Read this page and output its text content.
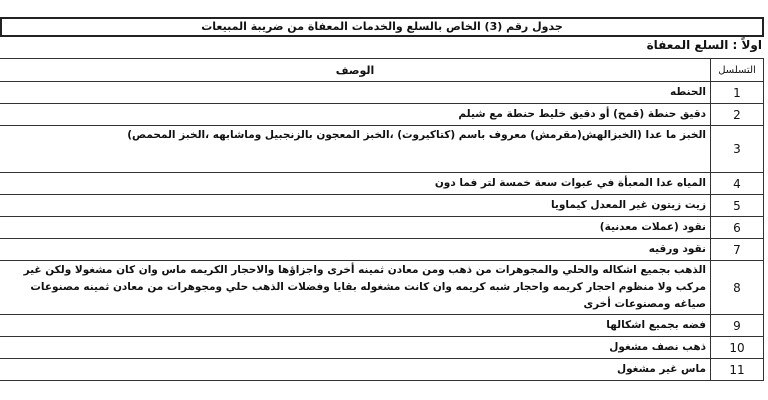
جدول رقم (3) الخاص بالسلع والخدمات المعفاة من ضريبة المبيعات
اولاً : السلع المعفاة
التسلسل	الوصف
1	الحنطه
2	دقيق حنطة (قمح) أو دقيق خليط حنطة مع شيلم
3	الخبز ما عدا (الخبزالهش(مقرمش) معروف باسم (كتاكيروت) ،الخبز المعجون بالزنجبيل وماشابهه ،الخبز المحمص)
4	المياه عدا المعبأة في عبوات سعة خمسة لتر فما دون
5	زيت زيتون غير المعدل كيماويا
6	نقود (عملات معدنية)
7	نقود ورقيه
8	الذهب بجميع اشكاله والحلي والمجوهرات من ذهب ومن معادن ثمينه أخرى واجزاؤها والاحجار الكريمه ماس وان كان مشغولا ولكن غير
مركب ولا منظوم احجار كريمه واحجار شبه كريمه وان كانت مشغوله بقايا وفضلات الذهب حلي ومجوهرات من معادن ثمينه مصنوعات
صياغه ومصنوعات أخرى

9	فضه بجميع اشكالها
10	ذهب نصف مشغول
11	ماس غير مشغول
